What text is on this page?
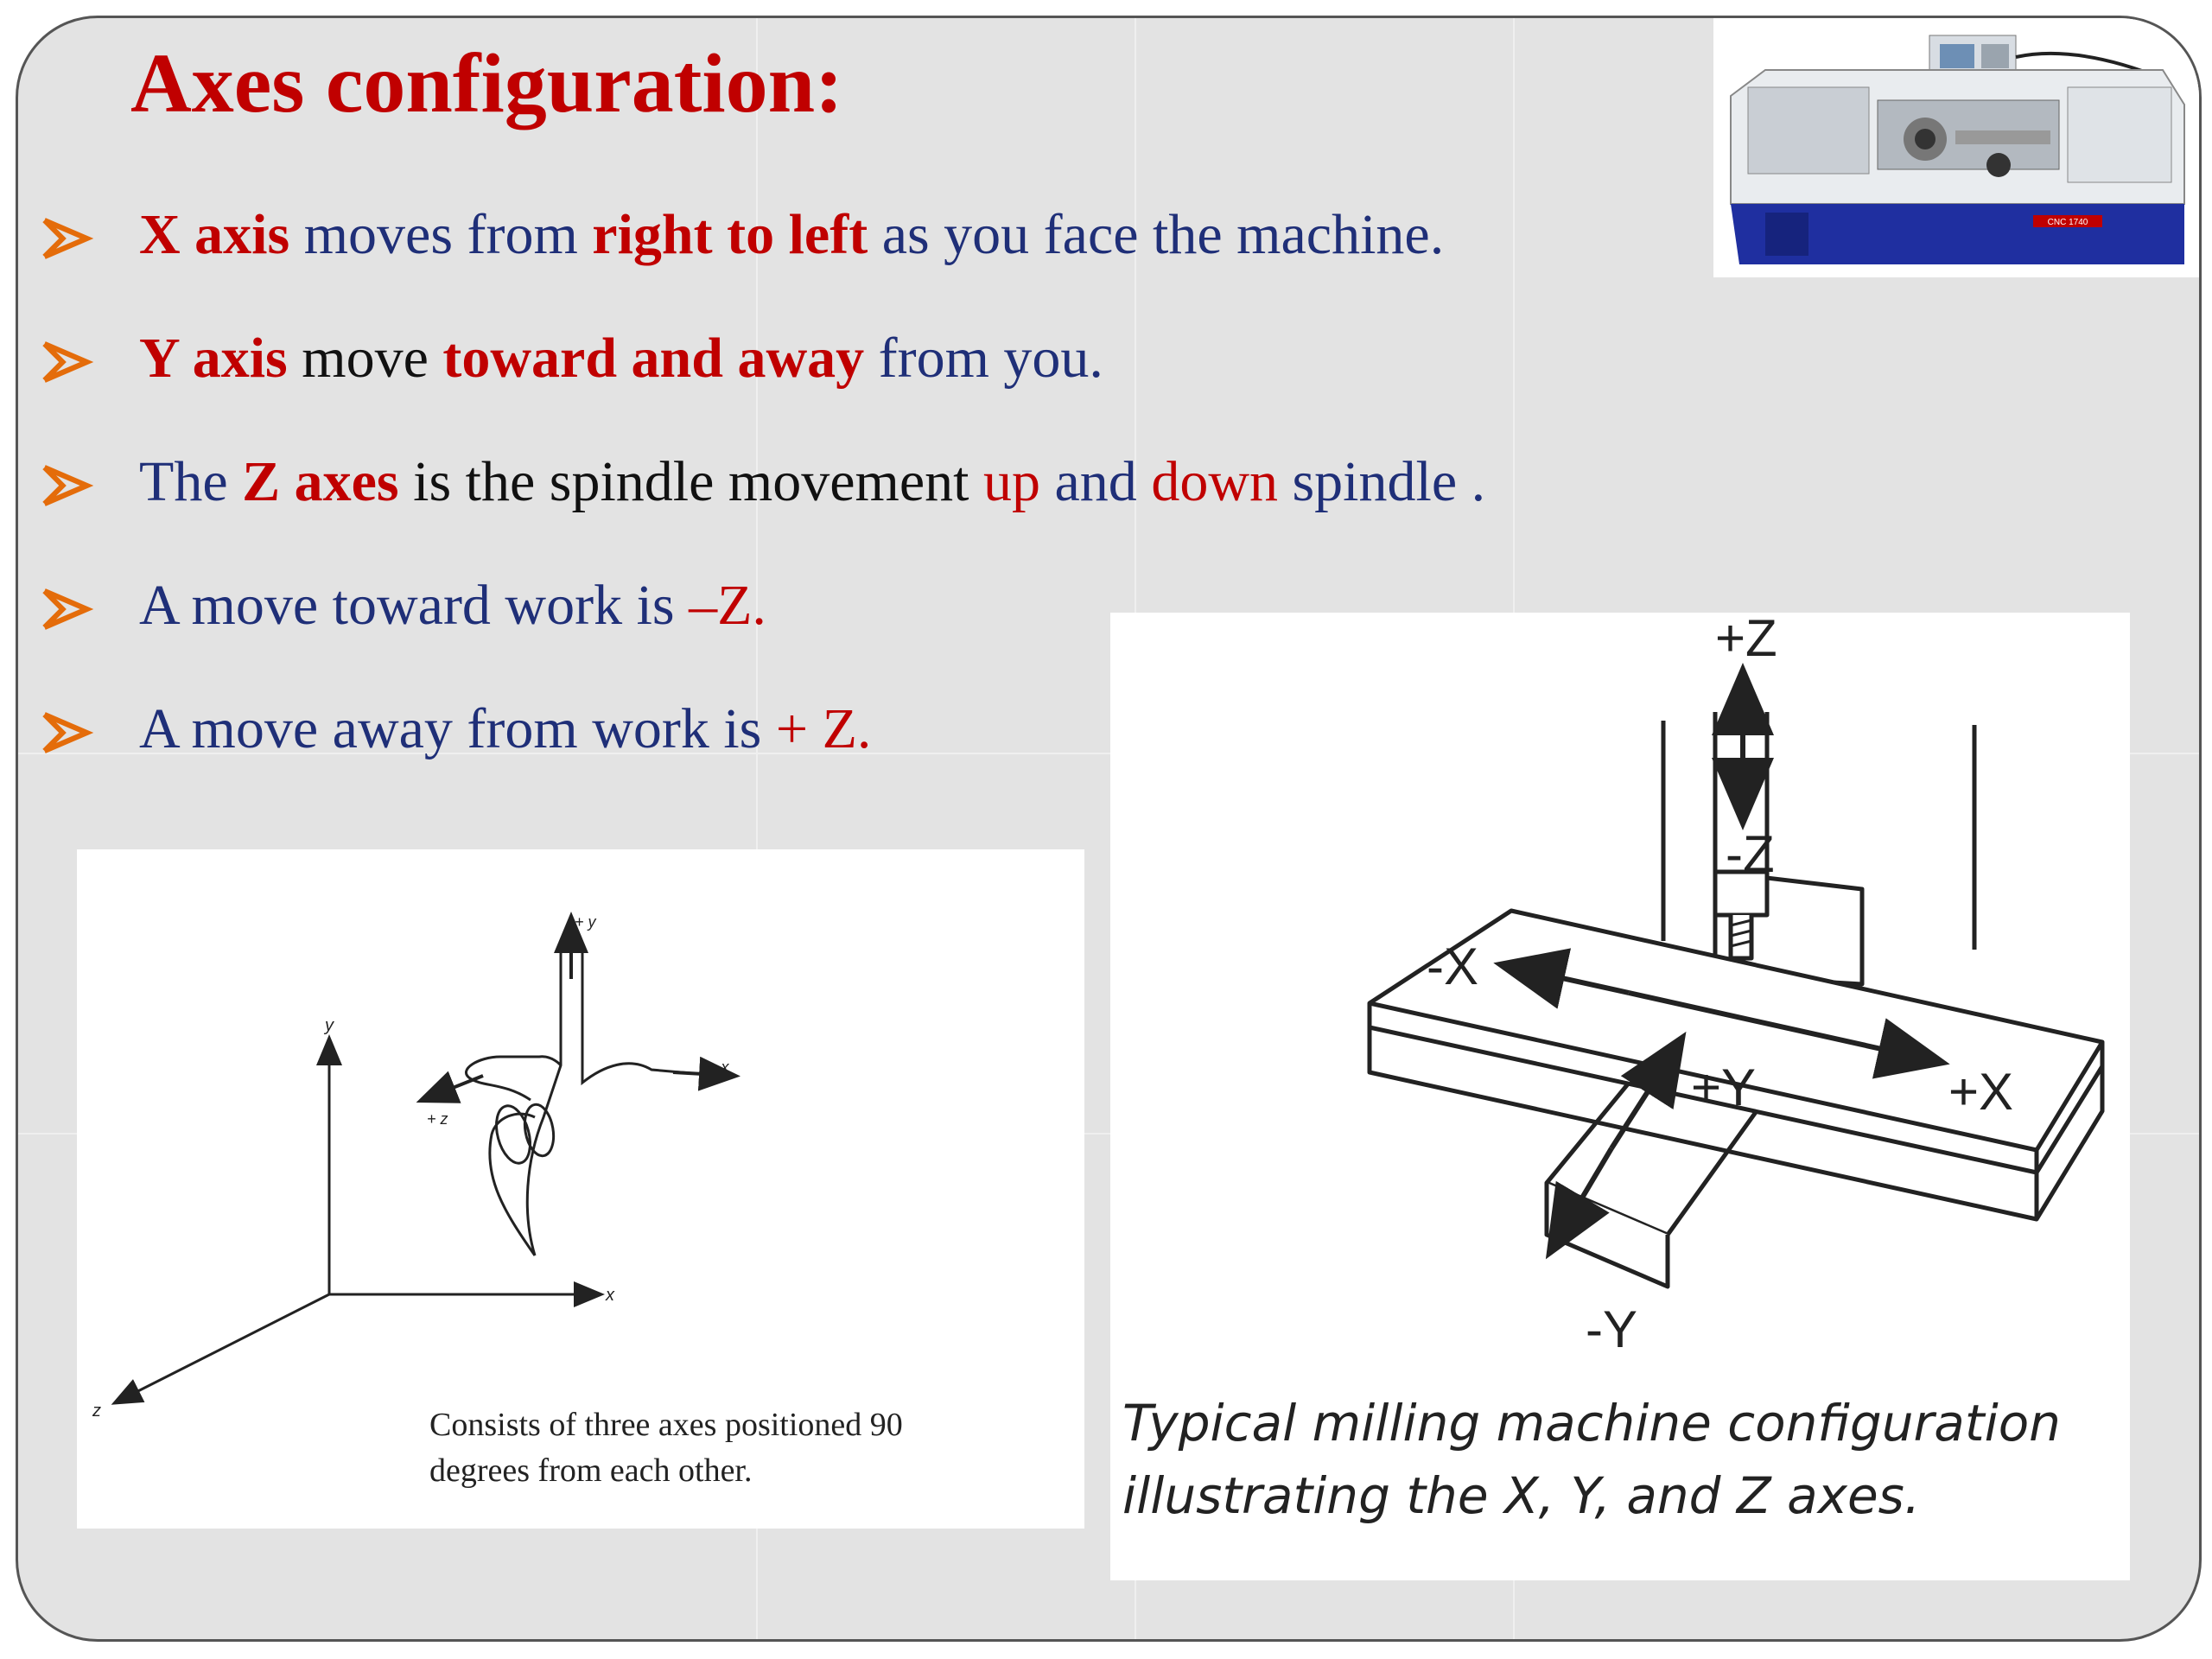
Axes configuration:
X axis moves from right to left as you face the machine.
Y axis move toward and away from you.
The Z axes is the spindle movement up and down spindle .
A move toward work is –Z.
A move away from work is + Z.
CNC 1740
y
x
z
+ y
+ x
+ z
Consists of three axes positioned 90
degrees from each other.
+Z
-Z
-X
+X
+Y
-Y
Typical milling machine configuration
illustrating the X, Y, and Z axes.
